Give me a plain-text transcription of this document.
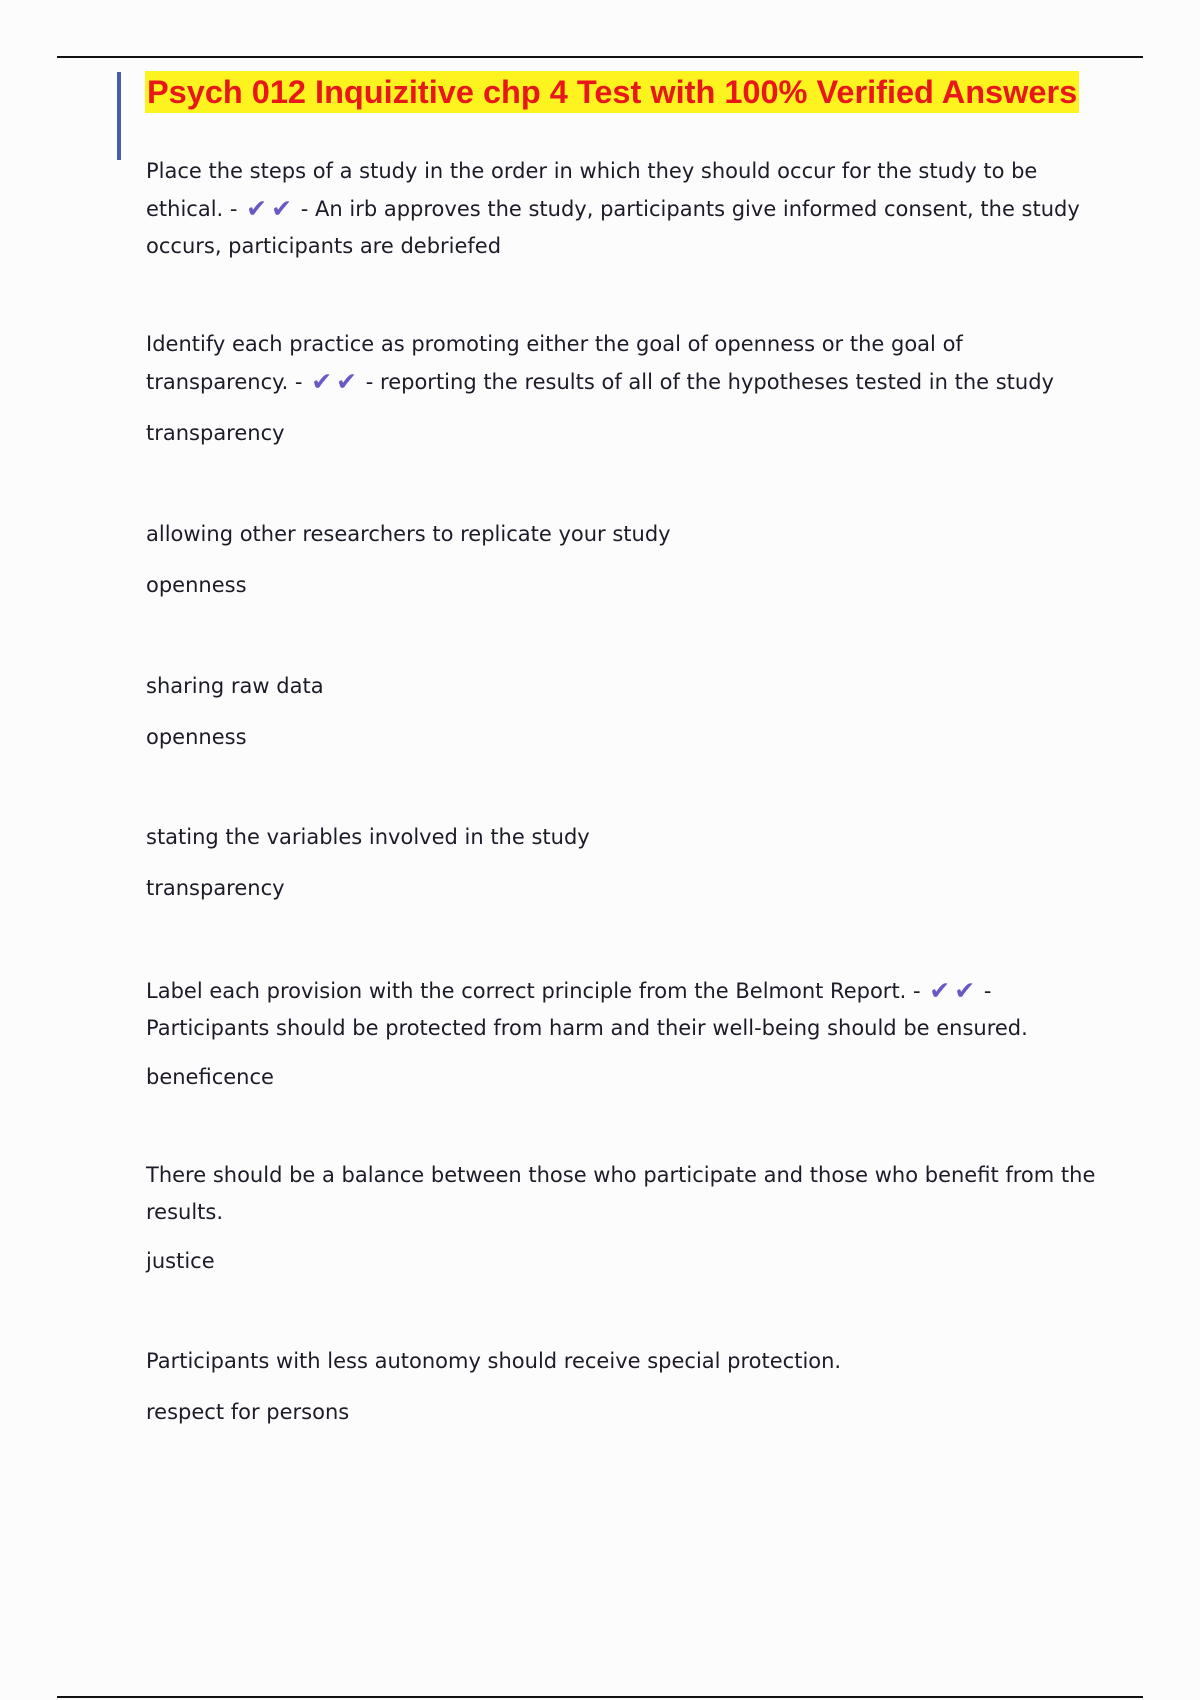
Psych 012 Inquizitive chp 4 Test with 100% Verified Answers
Place the steps of a study in the order in which they should occur for the study to be ethical. - ✔ ✔ - An irb approves the study, participants give informed consent, the study occurs, participants are debriefed
Identify each practice as promoting either the goal of openness or the goal of transparency. - ✔ ✔ - reporting the results of all of the hypotheses tested in the study
transparency
allowing other researchers to replicate your study
openness
sharing raw data
openness
stating the variables involved in the study
transparency
Label each provision with the correct principle from the Belmont Report. - ✔ ✔ - Participants should be protected from harm and their well-being should be ensured.
beneficence
There should be a balance between those who participate and those who benefit from the results.
justice
Participants with less autonomy should receive special protection.
respect for persons
